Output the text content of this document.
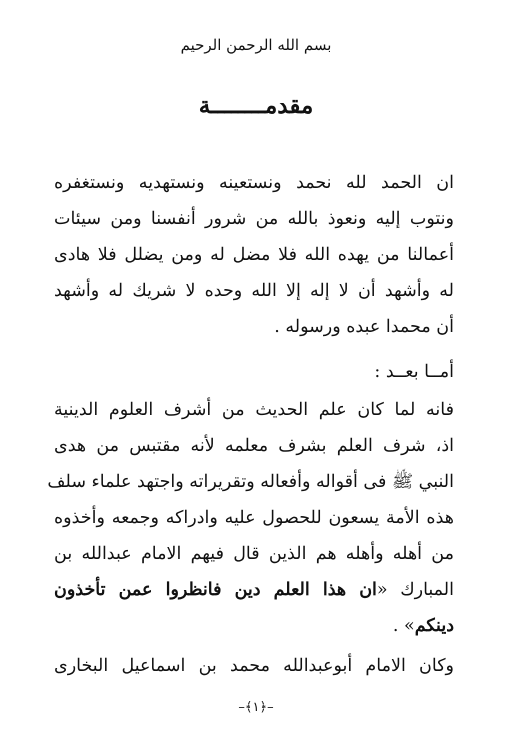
بسم الله الرحمن الرحيم
مقدمــــــــة
ان الحمد لله نحمد ونستعينه ونستهديه ونستغفره
ونتوب إليه ونعوذ بالله من شرور أنفسنا ومن سيئات
أعمالنا من يهده الله فلا مضل له ومن يضلل فلا هادى
له وأشهد أن لا إله إلا الله وحده لا شريك له وأشهد
أن محمدا عبده ورسوله .
أمــا بعــد :
فانه لما كان علم الحديث من أشرف العلوم الدينية
اذ، شرف العلم بشرف معلمه لأنه مقتبس من هدى
النبي ﷺ فى أقواله وأفعاله وتقريراته واجتهد علماء سلف
هذه الأمة يسعون للحصول عليه وادراكه وجمعه وأخذوه
من أهله وأهله هم الذين قال فيهم الامام عبدالله بن
المبارك «ان هذا العلم دين فانظروا عمن تأخذون
دينكم» .
وكان الامام أبوعبدالله محمد بن اسماعيل البخارى
–﴿١﴾–
